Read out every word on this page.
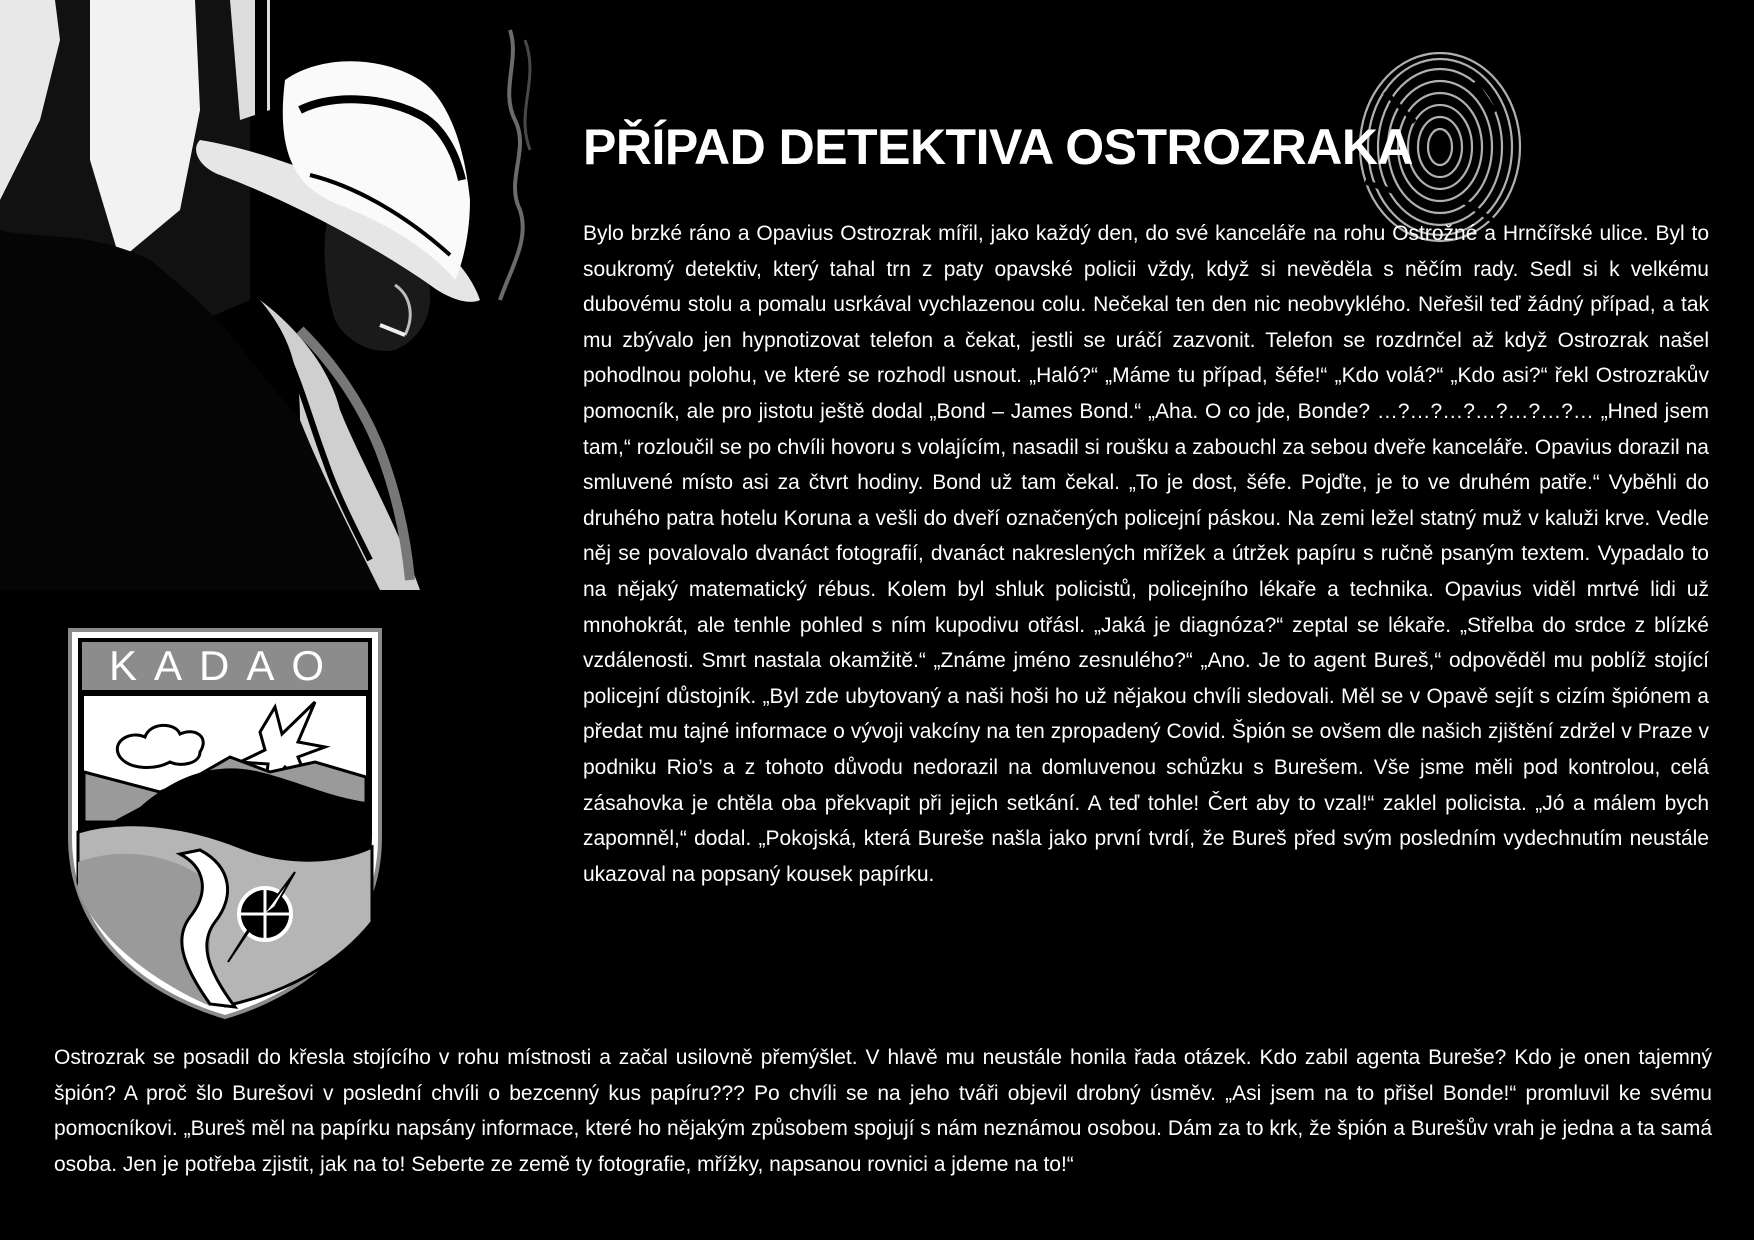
PŘÍPAD DETEKTIVA OSTROZRAKA

Bylo brzké ráno a Opavius Ostrozrak mířil, jako každý den, do své kanceláře na rohu Ostrožné a Hrnčířské ulice. Byl to soukromý detektiv, který tahal trn z paty opavské policii vždy, když si nevěděla s něčím rady. Sedl si k velkému dubovému stolu a pomalu usrkával vychlazenou colu. Nečekal ten den nic neobvyklého. Neřešil teď žádný případ, a tak mu zbývalo jen hypnotizovat telefon a čekat, jestli se uráčí zazvonit. Telefon se rozdrnčel až když Ostrozrak našel pohodlnou polohu, ve které se rozhodl usnout. „Haló?“ „Máme tu případ, šéfe!“ „Kdo volá?“ „Kdo asi?“ řekl Ostrozrakův pomocník, ale pro jistotu ještě dodal „Bond – James Bond.“ „Aha. O co jde, Bonde? …?…?…?…?…?…?… „Hned jsem tam,“ rozloučil se po chvíli hovoru s volajícím, nasadil si roušku a zabouchl za sebou dveře kanceláře. Opavius dorazil na smluvené místo asi za čtvrt hodiny. Bond už tam čekal. „To je dost, šéfe. Pojďte, je to ve druhém patře.“ Vyběhli do druhého patra hotelu Koruna a vešli do dveří označených policejní páskou. Na zemi ležel statný muž v kaluži krve. Vedle něj se povalovalo dvanáct fotografií, dvanáct nakreslených mřížek a útržek papíru s ručně psaným textem. Vypadalo to na nějaký matematický rébus. Kolem byl shluk policistů, policejního lékaře a technika. Opavius viděl mrtvé lidi už mnohokrát, ale tenhle pohled s ním kupodivu otřásl. „Jaká je diagnóza?“ zeptal se lékaře. „Střelba do srdce z blízké vzdálenosti. Smrt nastala okamžitě.“ „Známe jméno zesnulého?“ „Ano. Je to agent Bureš,“ odpověděl mu poblíž stojící policejní důstojník. „Byl zde ubytovaný a naši hoši ho už nějakou chvíli sledovali. Měl se v Opavě sejít s cizím špiónem a předat mu tajné informace o vývoji vakcíny na ten zpropadený Covid. Špión se ovšem dle našich zjištění zdržel v Praze v podniku Rio’s a z tohoto důvodu nedorazil na domluvenou schůzku s Burešem. Vše jsme měli pod kontrolou, celá zásahovka je chtěla oba překvapit při jejich setkání. A teď tohle! Čert aby to vzal!“ zaklel policista. „Jó a málem bych zapomněl,“ dodal. „Pokojská, která Bureše našla jako první tvrdí, že Bureš před svým posledním vydechnutím neustále ukazoval na popsaný kousek papírku.

KADAO

Ostrozrak se posadil do křesla stojícího v rohu místnosti a začal usilovně přemýšlet. V hlavě mu neustále honila řada otázek. Kdo zabil agenta Bureše? Kdo je onen tajemný špión? A proč šlo Burešovi v poslední chvíli o bezcenný kus papíru??? Po chvíli se na jeho tváři objevil drobný úsměv. „Asi jsem na to přišel Bonde!“ promluvil ke svému pomocníkovi. „Bureš měl na papírku napsány informace, které ho nějakým způsobem spojují s nám neznámou osobou. Dám za to krk, že špión a Burešův vrah je jedna a ta samá osoba. Jen je potřeba zjistit, jak na to! Seberte ze země ty fotografie, mřížky, napsanou rovnici a jdeme na to!“
